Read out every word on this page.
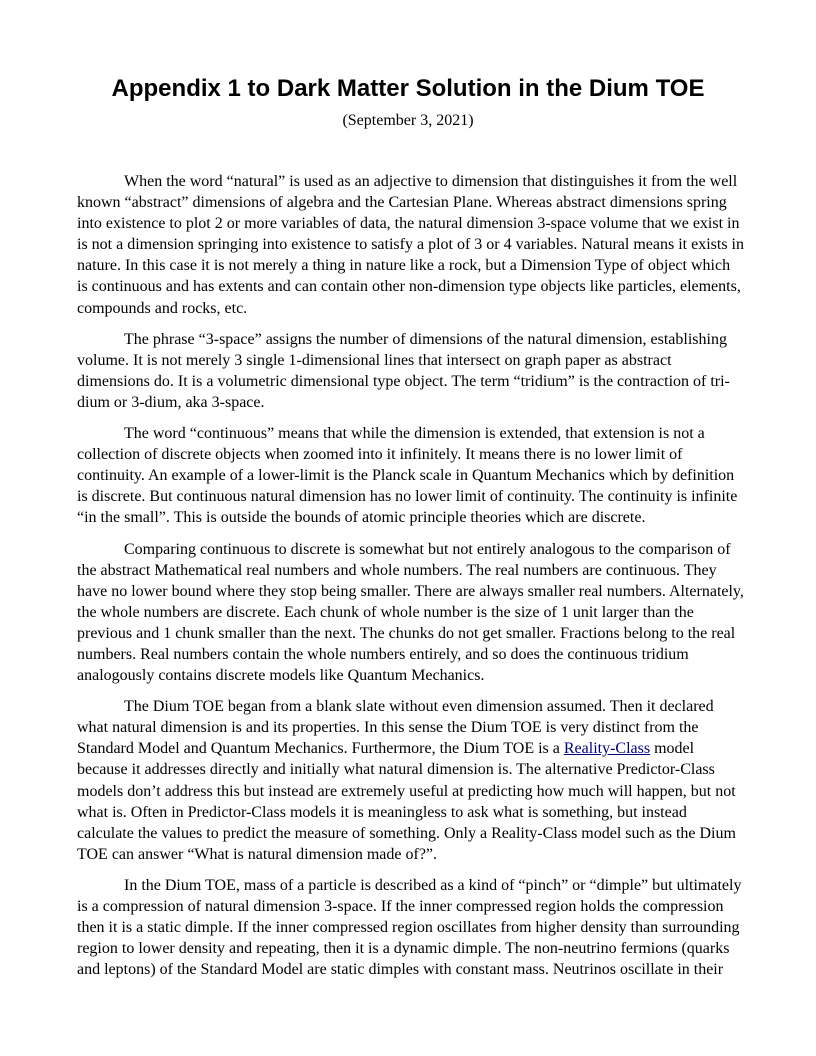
Appendix 1 to Dark Matter Solution in the Dium TOE

(September 3, 2021)

When the word “natural” is used as an adjective to dimension that distinguishes it from the well known “abstract” dimensions of algebra and the Cartesian Plane. Whereas abstract dimensions spring into existence to plot 2 or more variables of data, the natural dimension 3-space volume that we exist in is not a dimension springing into existence to satisfy a plot of 3 or 4 variables. Natural means it exists in nature. In this case it is not merely a thing in nature like a rock, but a Dimension Type of object which is continuous and has extents and can contain other non-dimension type objects like particles, elements, compounds and rocks, etc.

The phrase “3-space” assigns the number of dimensions of the natural dimension, establishing volume. It is not merely 3 single 1-dimensional lines that intersect on graph paper as abstract dimensions do. It is a volumetric dimensional type object. The term “tridium” is the contraction of tri-dium or 3-dium, aka 3-space.

The word “continuous” means that while the dimension is extended, that extension is not a collection of discrete objects when zoomed into it infinitely. It means there is no lower limit of continuity. An example of a lower-limit is the Planck scale in Quantum Mechanics which by definition is discrete. But continuous natural dimension has no lower limit of continuity. The continuity is infinite “in the small”. This is outside the bounds of atomic principle theories which are discrete.

Comparing continuous to discrete is somewhat but not entirely analogous to the comparison of the abstract Mathematical real numbers and whole numbers. The real numbers are continuous. They have no lower bound where they stop being smaller. There are always smaller real numbers. Alternately, the whole numbers are discrete. Each chunk of whole number is the size of 1 unit larger than the previous and 1 chunk smaller than the next. The chunks do not get smaller. Fractions belong to the real numbers. Real numbers contain the whole numbers entirely, and so does the continuous tridium analogously contains discrete models like Quantum Mechanics.

The Dium TOE began from a blank slate without even dimension assumed. Then it declared what natural dimension is and its properties. In this sense the Dium TOE is very distinct from the Standard Model and Quantum Mechanics. Furthermore, the Dium TOE is a Reality-Class model because it addresses directly and initially what natural dimension is. The alternative Predictor-Class models don’t address this but instead are extremely useful at predicting how much will happen, but not what is. Often in Predictor-Class models it is meaningless to ask what is something, but instead calculate the values to predict the measure of something. Only a Reality-Class model such as the Dium TOE can answer “What is natural dimension made of?”.

In the Dium TOE, mass of a particle is described as a kind of “pinch” or “dimple” but ultimately is a compression of natural dimension 3-space. If the inner compressed region holds the compression then it is a static dimple. If the inner compressed region oscillates from higher density than surrounding region to lower density and repeating, then it is a dynamic dimple. The non-neutrino fermions (quarks and leptons) of the Standard Model are static dimples with constant mass. Neutrinos oscillate in their
